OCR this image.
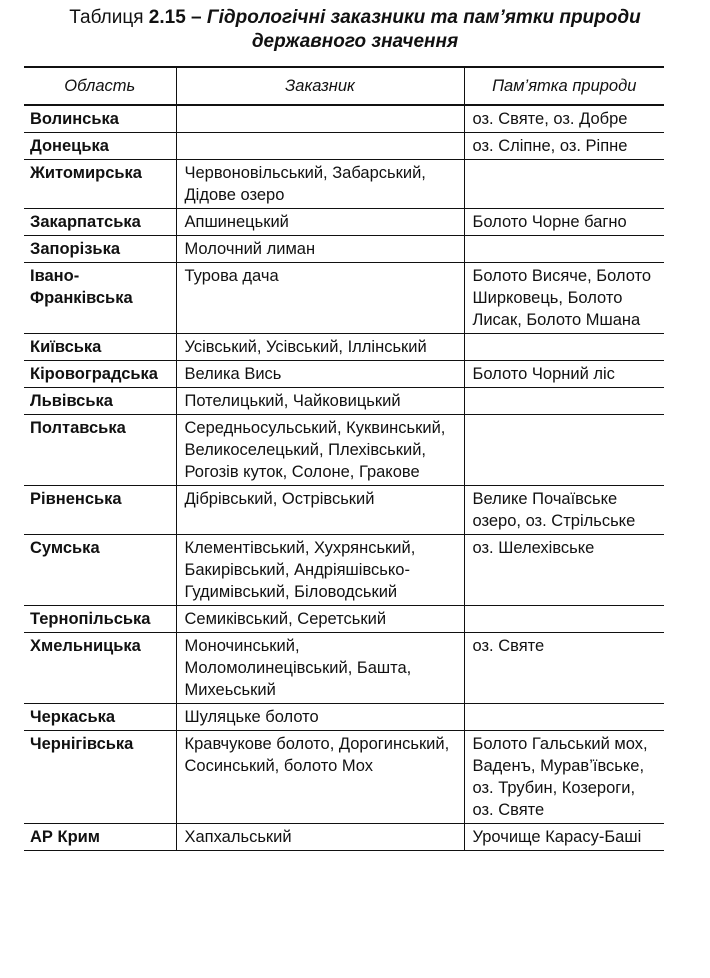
Таблиця 2.15 – Гідрологічні заказники та пам’ятки природи
державного значення
Область	Заказник	Пам’ятка природи
Волинська		оз. Святе, оз. Добре
Донецька		оз. Сліпне, оз. Ріпне
Житомирська	Червоновільський, Забарський, Дідове озеро	
Закарпатська	Апшинецький	Болото Чорне багно
Запорізька	Молочний лиман	
Івано-Франківська	Турова дача	Болото Висяче, Болото Ширковець, Болото Лисак, Болото Мшана
Київська	Усівський, Усівський, Іллінський	
Кіровоградська	Велика Вись	Болото Чорний ліс
Львівська	Потелицький, Чайковицький	
Полтавська	Середньосульський, Куквинський, Великоселецький, Плехівський, Рогозів куток, Солоне, Гракове	
Рівненська	Дібрівський, Острівський	Велике Почаївське озеро, оз. Стрільське
Сумська	Клементівський, Хухрянський, Бакирівський, Андріяшівсько-Гудимівський, Біловодський	оз. Шелехівське
Тернопільська	Семиківський, Серетський	
Хмельницька	Моночинський, Моломолинецівський, Башта, Михеьський	оз. Святе
Черкаська	Шуляцьке болото	
Чернігівська	Кравчукове болото, Дорогинський, Сосинський, болото Мох	Болото Гальський мох, Ваденъ, Мурав’ївське, оз. Трубин, Козероги, оз. Святе
АР Крим	Хапхальський	Урочище Карасу-Баші
